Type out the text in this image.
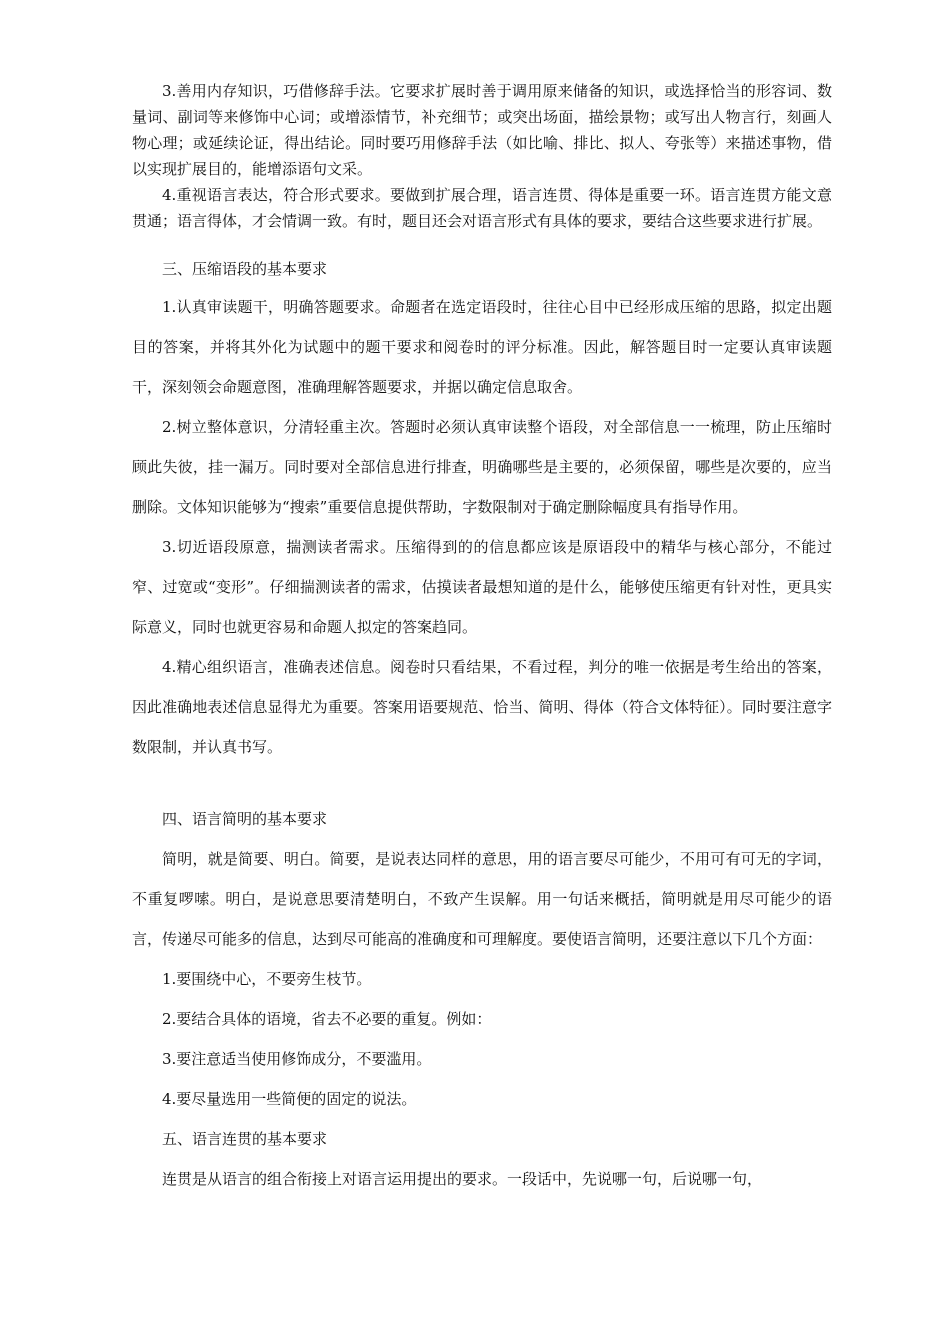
3.善用内存知识，巧借修辞手法。它要求扩展时善于调用原来储备的知识，或选择恰当的形容词、数量词、副词等来修饰中心词；或增添情节，补充细节；或突出场面，描绘景物；或写出人物言行，刻画人物心理；或延续论证，得出结论。同时要巧用修辞手法（如比喻、排比、拟人、夸张等）来描述事物，借以实现扩展目的，能增添语句文采。

4.重视语言表达，符合形式要求。要做到扩展合理，语言连贯、得体是重要一环。语言连贯方能文意贯通；语言得体，才会情调一致。有时，题目还会对语言形式有具体的要求，要结合这些要求进行扩展。

三、压缩语段的基本要求

1.认真审读题干，明确答题要求。命题者在选定语段时，往往心目中已经形成压缩的思路，拟定出题目的答案，并将其外化为试题中的题干要求和阅卷时的评分标准。因此，解答题目时一定要认真审读题干，深刻领会命题意图，准确理解答题要求，并据以确定信息取舍。

2.树立整体意识，分清轻重主次。答题时必须认真审读整个语段，对全部信息一一梳理，防止压缩时顾此失彼，挂一漏万。同时要对全部信息进行排查，明确哪些是主要的，必须保留，哪些是次要的，应当删除。文体知识能够为“搜索”重要信息提供帮助，字数限制对于确定删除幅度具有指导作用。

3.切近语段原意，揣测读者需求。压缩得到的的信息都应该是原语段中的精华与核心部分，不能过窄、过宽或“变形”。仔细揣测读者的需求，估摸读者最想知道的是什么，能够使压缩更有针对性，更具实际意义，同时也就更容易和命题人拟定的答案趋同。

4.精心组织语言，准确表述信息。阅卷时只看结果，不看过程，判分的唯一依据是考生给出的答案，因此准确地表述信息显得尤为重要。答案用语要规范、恰当、简明、得体（符合文体特征）。同时要注意字数限制，并认真书写。

四、语言简明的基本要求

简明，就是简要、明白。简要，是说表达同样的意思，用的语言要尽可能少，不用可有可无的字词，不重复啰嗦。明白，是说意思要清楚明白，不致产生误解。用一句话来概括，简明就是用尽可能少的语言，传递尽可能多的信息，达到尽可能高的准确度和可理解度。要使语言简明，还要注意以下几个方面：

1.要围绕中心，不要旁生枝节。

2.要结合具体的语境，省去不必要的重复。例如：

3.要注意适当使用修饰成分，不要滥用。

4.要尽量选用一些简便的固定的说法。

五、语言连贯的基本要求

连贯是从语言的组合衔接上对语言运用提出的要求。一段话中，先说哪一句，后说哪一句，
